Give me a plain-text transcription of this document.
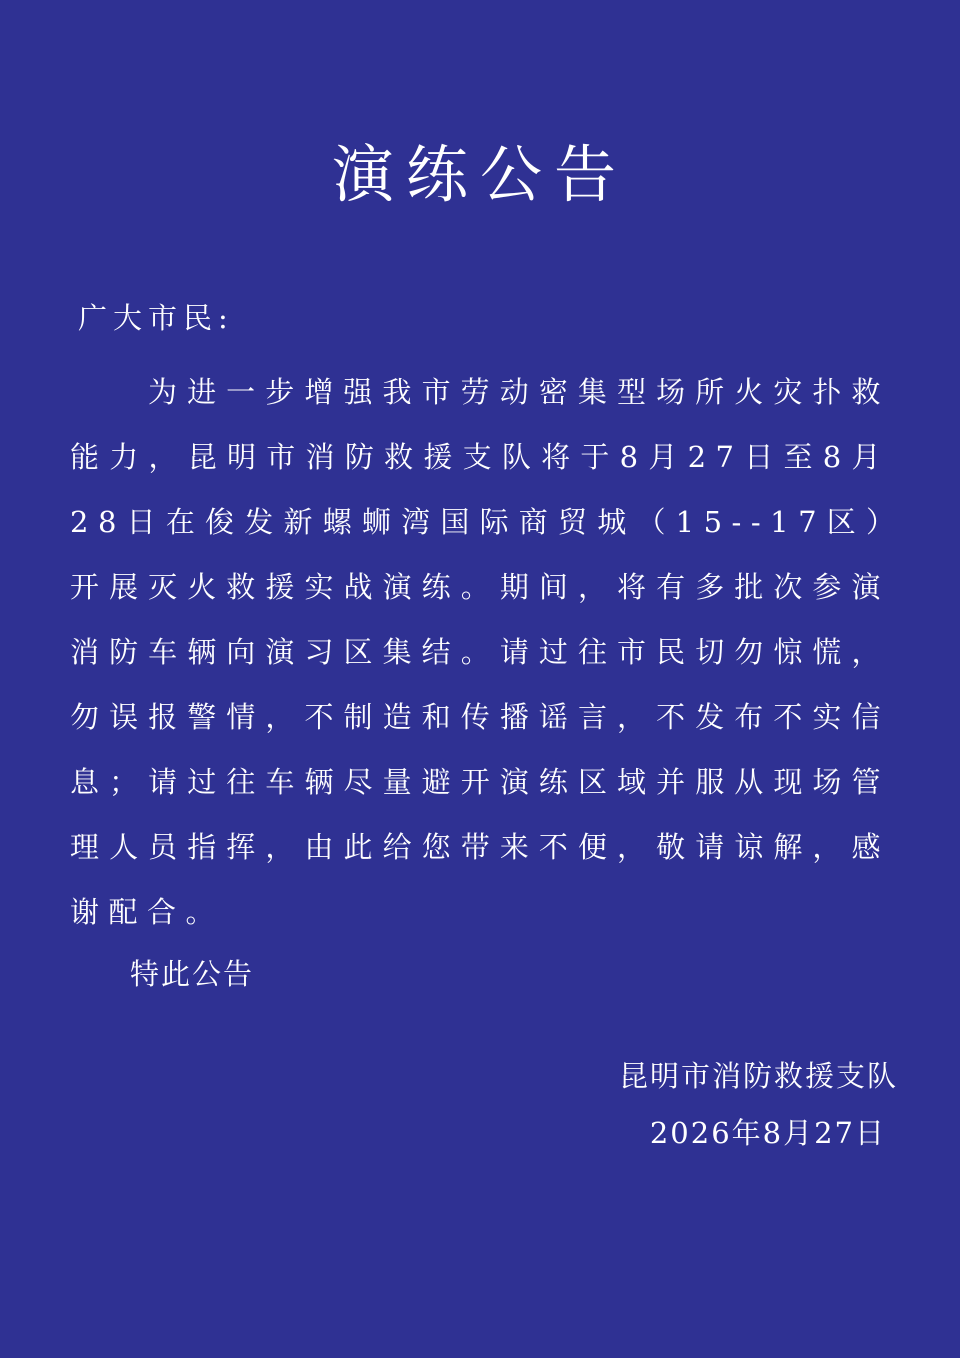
演练公告

广大市民:

为进一步增强我市劳动密集型场所火灾扑救能力，昆明市消防救援支队将于8月27日至8月28日在俊发新螺蛳湾国际商贸城（15--17区）开展灭火救援实战演练。期间，将有多批次参演消防车辆向演习区集结。请过往市民切勿惊慌，勿误报警情，不制造和传播谣言，不发布不实信息；请过往车辆尽量避开演练区域并服从现场管理人员指挥，由此给您带来不便，敬请谅解，感谢配合。

特此公告

昆明市消防救援支队
2026年8月27日
